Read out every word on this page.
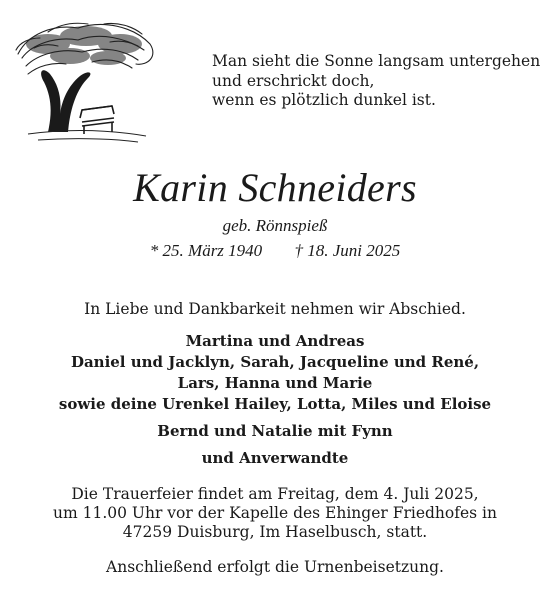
Man sieht die Sonne langsam untergehen
und erschrickt doch,
wenn es plötzlich dunkel ist.
Karin Schneiders
geb. Rönnspieß
* 25. März 1940 † 18. Juni 2025
In Liebe und Dankbarkeit nehmen wir Abschied.
Martina und Andreas
Daniel und Jacklyn, Sarah, Jacqueline und René,
Lars, Hanna und Marie
sowie deine Urenkel Hailey, Lotta, Miles und Eloise
Bernd und Natalie mit Fynn
und Anverwandte
Die Trauerfeier findet am Freitag, dem 4. Juli 2025,
um 11.00 Uhr vor der Kapelle des Ehinger Friedhofes in
47259 Duisburg, Im Haselbusch, statt.
Anschließend erfolgt die Urnenbeisetzung.
